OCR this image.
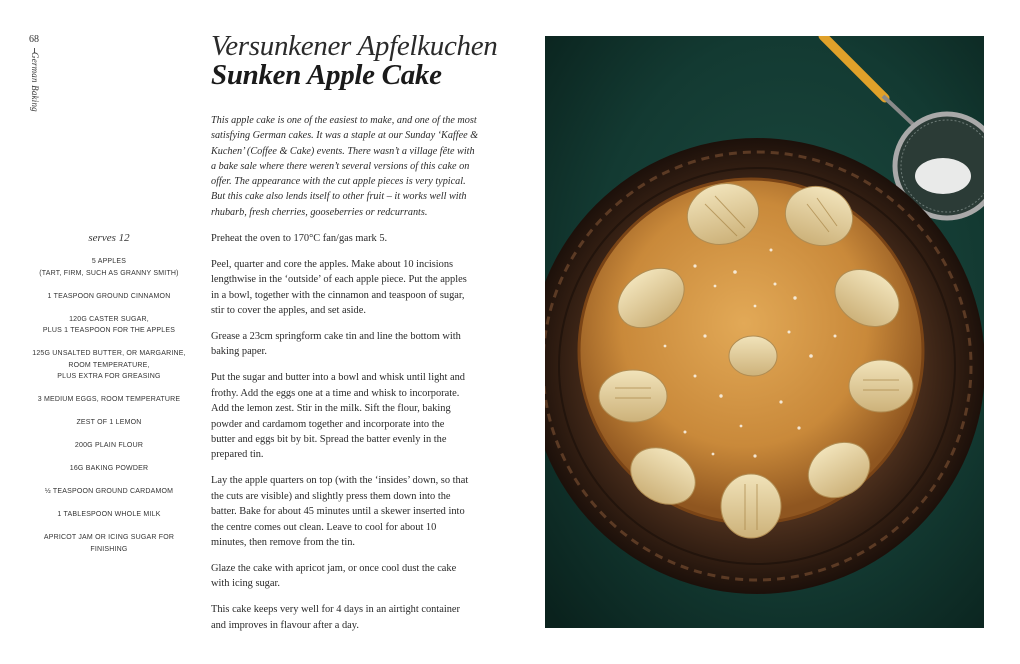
68
German Baking
Versunkener Apfelkuchen
Sunken Apple Cake

This apple cake is one of the easiest to make, and one of the most satisfying German cakes. It was a staple at our Sunday ‘Kaffee & Kuchen’ (Coffee & Cake) events. There wasn’t a village fête with a bake sale where there weren’t several versions of this cake on offer. The appearance with the cut apple pieces is very typical. But this cake also lends itself to other fruit – it works well with rhubarb, fresh cherries, gooseberries or redcurrants.

serves 12
5 APPLES
(TART, FIRM, SUCH AS GRANNY SMITH)
1 TEASPOON GROUND CINNAMON
120G CASTER SUGAR,
PLUS 1 TEASPOON FOR THE APPLES
125G UNSALTED BUTTER, OR MARGARINE,
ROOM TEMPERATURE,
PLUS EXTRA FOR GREASING
3 MEDIUM EGGS, ROOM TEMPERATURE
ZEST OF 1 LEMON
200G PLAIN FLOUR
16G BAKING POWDER
½ TEASPOON GROUND CARDAMOM
1 TABLESPOON WHOLE MILK
APRICOT JAM OR ICING SUGAR FOR FINISHING

Preheat the oven to 170°C fan/gas mark 5.

Peel, quarter and core the apples. Make about 10 incisions lengthwise in the ‘outside’ of each apple piece. Put the apples in a bowl, together with the cinnamon and teaspoon of sugar, stir to cover the apples, and set aside.

Grease a 23cm springform cake tin and line the bottom with baking paper.

Put the sugar and butter into a bowl and whisk until light and frothy. Add the eggs one at a time and whisk to incorporate. Add the lemon zest. Stir in the milk. Sift the flour, baking powder and cardamom together and incorporate into the butter and eggs bit by bit. Spread the batter evenly in the prepared tin.

Lay the apple quarters on top (with the ‘insides’ down, so that the cuts are visible) and slightly press them down into the batter. Bake for about 45 minutes until a skewer inserted into the centre comes out clean. Leave to cool for about 10 minutes, then remove from the tin.

Glaze the cake with apricot jam, or once cool dust the cake with icing sugar.

This cake keeps very well for 4 days in an airtight container and improves in flavour after a day.
